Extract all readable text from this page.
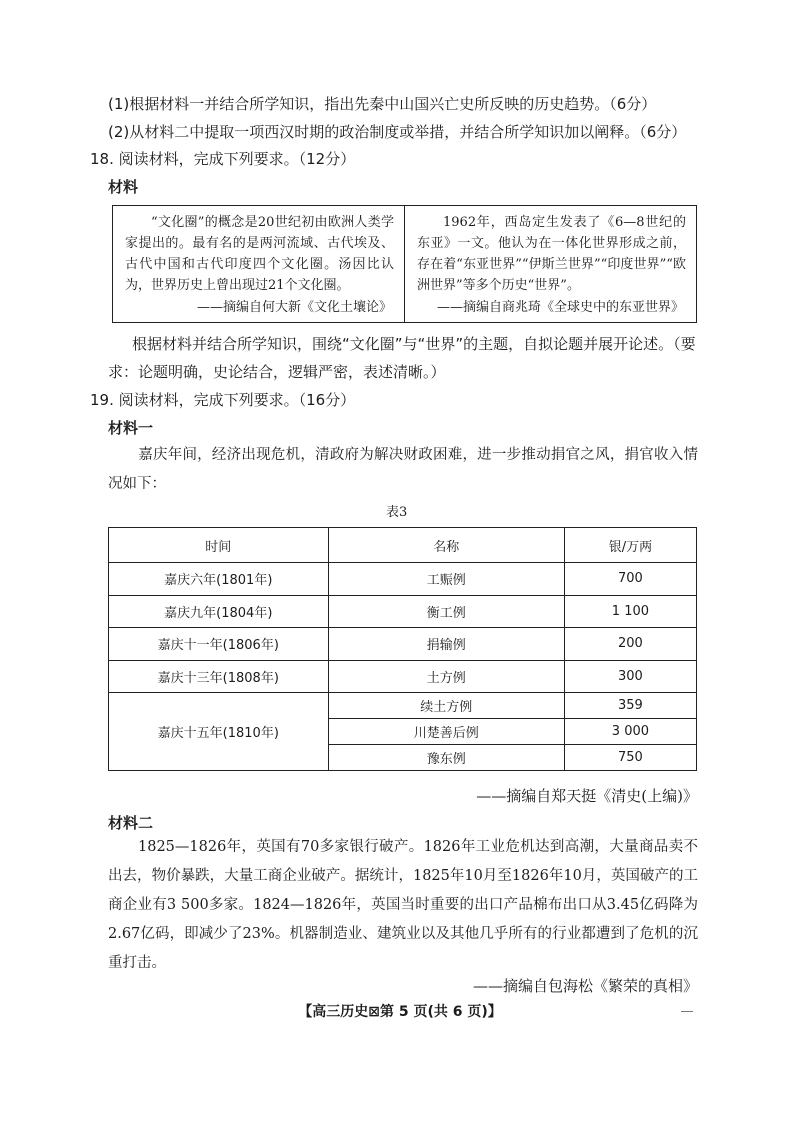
(1)根据材料一并结合所学知识，指出先秦中山国兴亡史所反映的历史趋势。（6分）
(2)从材料二中提取一项西汉时期的政治制度或举措，并结合所学知识加以阐释。（6分）
18. 阅读材料，完成下列要求。（12分）
材料

“文化圈”的概念是20世纪初由欧洲人类学家提出的。最有名的是两河流域、古代埃及、古代中国和古代印度四个文化圈。汤因比认为，世界历史上曾出现过21个文化圈。

——摘编自何大新《文化土壤论》

1962年，西岛定生发表了《6—8世纪的东亚》一文。他认为在一体化世界形成之前，存在着“东亚世界”“伊斯兰世界”“印度世界”“欧洲世界”等多个历史“世界”。

——摘编自商兆琦《全球史中的东亚世界》
根据材料并结合所学知识，围绕“文化圈”与“世界”的主题，自拟论题并展开论述。（要
求：论题明确，史论结合，逻辑严密，表述清晰。）
19. 阅读材料，完成下列要求。（16分）
材料一

嘉庆年间，经济出现危机，清政府为解决财政困难，进一步推动捐官之风，捐官收入情况如下：

表3
时间	名称	银/万两
嘉庆六年(1801年)	工赈例	700
嘉庆九年(1804年)	衡工例	1 100
嘉庆十一年(1806年)	捐输例	200
嘉庆十三年(1808年)	土方例	300
嘉庆十五年(1810年)	续土方例	359
	川楚善后例	3 000
	豫东例	750
——摘编自郑天挺《清史(上编)》
材料二

1825—1826年，英国有70多家银行破产。1826年工业危机达到高潮，大量商品卖不出去，物价暴跌，大量工商企业破产。据统计，1825年10月至1826年10月，英国破产的工商企业有3 500多家。1824—1826年，英国当时重要的出口产品棉布出口从3.45亿码降为2.67亿码，即减少了23%。机器制造业、建筑业以及其他几乎所有的行业都遭到了危机的沉重打击。

——摘编自包海松《繁荣的真相》
【高三历史⊠第 5 页(共 6 页)】
